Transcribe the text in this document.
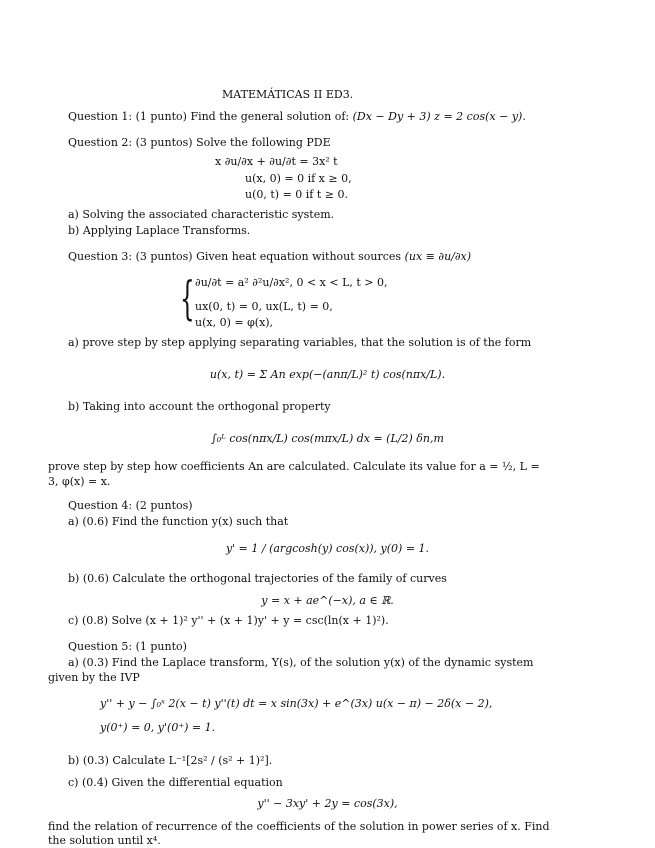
MATEMÁTICAS II ED3.
Question 1: (1 punto) Find the general solution of: (Dx − Dy + 3) z = 2 cos(x − y).
Question 2: (3 puntos) Solve the following PDE
x ∂u/∂x + ∂u/∂t = 3x² t
u(x, 0) = 0 if x ≥ 0,
u(0, t) = 0 if t ≥ 0.
a) Solving the associated characteristic system.
b) Applying Laplace Transforms.
Question 3: (3 puntos) Given heat equation without sources (ux ≡ ∂u/∂x)
{ ∂u/∂t = a² ∂²u/∂x², 0 < x < L, t > 0,
ux(0, t) = 0, ux(L, t) = 0,
u(x, 0) = φ(x),
a) prove step by step applying separating variables, that the solution is of the form
u(x, t) = Σ An exp(−(anπ/L)² t) cos(nπx/L).
b) Taking into account the orthogonal property
∫₀ᴸ cos(nπx/L) cos(mπx/L) dx = (L/2) δn,m
prove step by step how coefficients An are calculated. Calculate its value for a = ½, L =
3, φ(x) = x.
Question 4: (2 puntos)
a) (0.6) Find the function y(x) such that
y' = 1 / (argcosh(y) cos(x)), y(0) = 1.
b) (0.6) Calculate the orthogonal trajectories of the family of curves
y = x + ae^(−x), a ∈ ℝ.
c) (0.8) Solve (x + 1)² y'' + (x + 1)y' + y = csc(ln(x + 1)²).
Question 5: (1 punto)
a) (0.3) Find the Laplace transform, Y(s), of the solution y(x) of the dynamic system
given by the IVP
y'' + y − ∫₀ˣ 2(x − t) y''(t) dt = x sin(3x) + e^(3x) u(x − π) − 2δ(x − 2),
y(0⁺) = 0, y'(0⁺) = 1.
b) (0.3) Calculate L⁻¹[2s² / (s² + 1)²].
c) (0.4) Given the differential equation
y'' − 3xy' + 2y = cos(3x),
find the relation of recurrence of the coefficients of the solution in power series of x. Find
the solution until x⁴.
